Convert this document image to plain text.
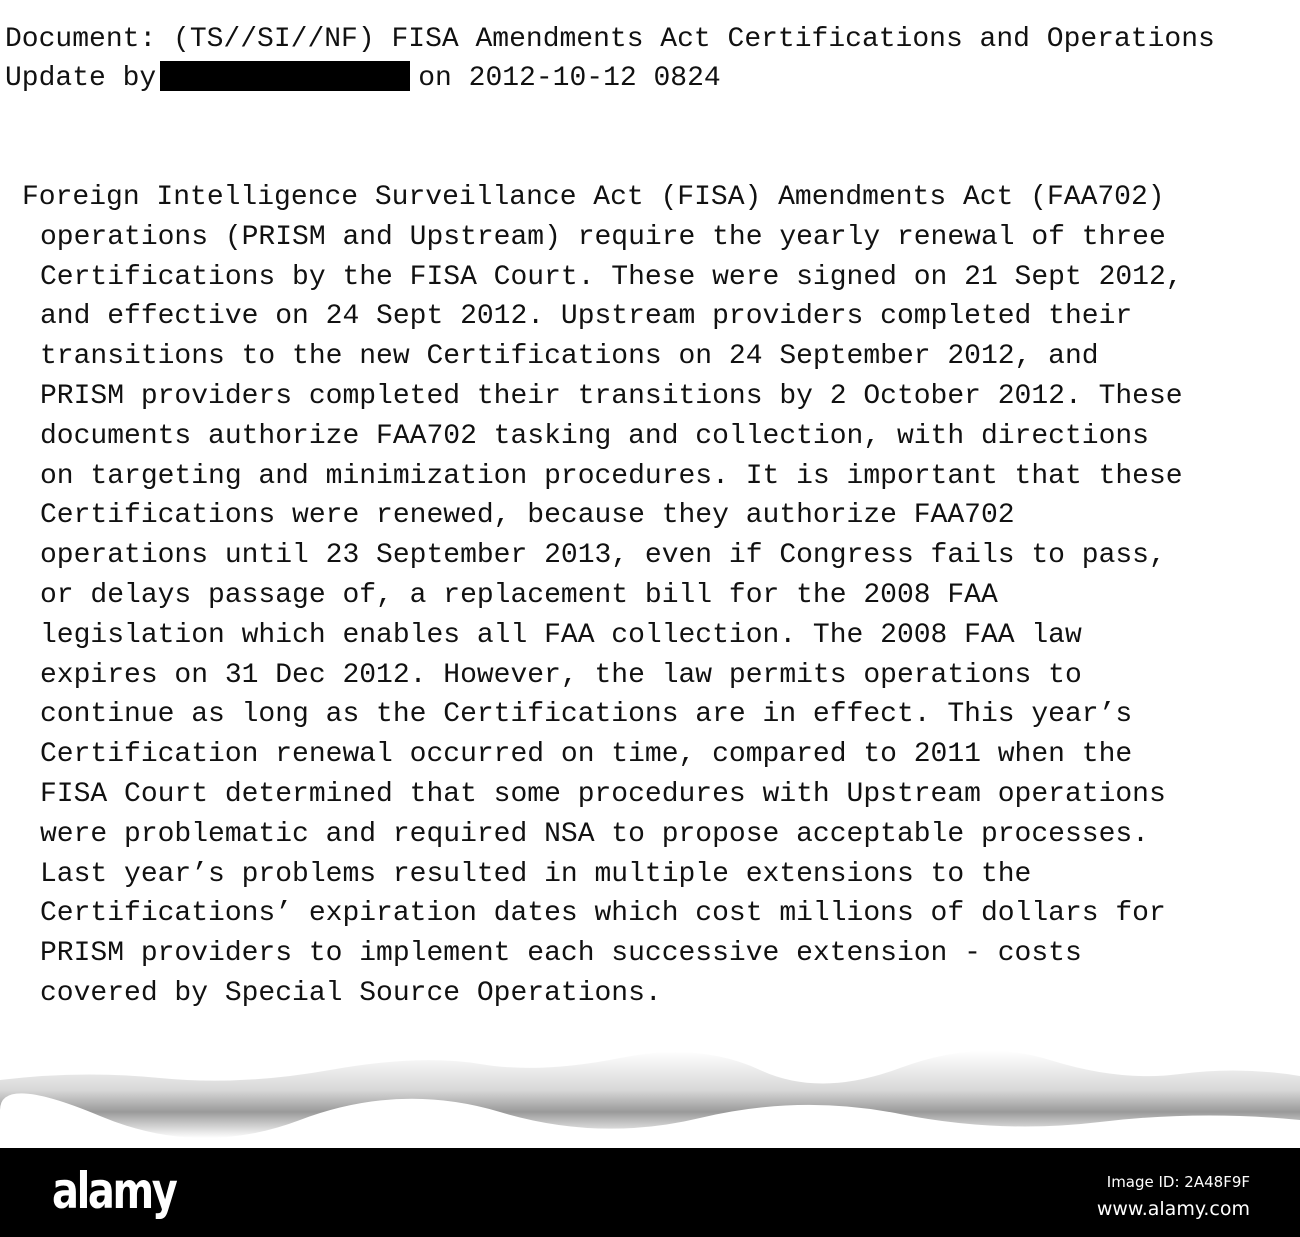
Document: (TS//SI//NF) FISA Amendments Act Certifications and Operations
Update by	on 2012-10-12 0824
Foreign Intelligence Surveillance Act (FISA) Amendments Act (FAA702)
operations (PRISM and Upstream) require the yearly renewal of three
Certifications by the FISA Court. These were signed on 21 Sept 2012,
and effective on 24 Sept 2012. Upstream providers completed their
transitions to the new Certifications on 24 September 2012, and
PRISM providers completed their transitions by 2 October 2012. These
documents authorize FAA702 tasking and collection, with directions
on targeting and minimization procedures. It is important that these
Certifications were renewed, because they authorize FAA702
operations until 23 September 2013, even if Congress fails to pass,
or delays passage of, a replacement bill for the 2008 FAA
legislation which enables all FAA collection. The 2008 FAA law
expires on 31 Dec 2012. However, the law permits operations to
continue as long as the Certifications are in effect. This year’s
Certification renewal occurred on time, compared to 2011 when the
FISA Court determined that some procedures with Upstream operations
were problematic and required NSA to propose acceptable processes.
Last year’s problems resulted in multiple extensions to the
Certifications’ expiration dates which cost millions of dollars for
PRISM providers to implement each successive extension - costs
covered by Special Source Operations.
alamy	Image ID: 2A48F9F
www.alamy.com
